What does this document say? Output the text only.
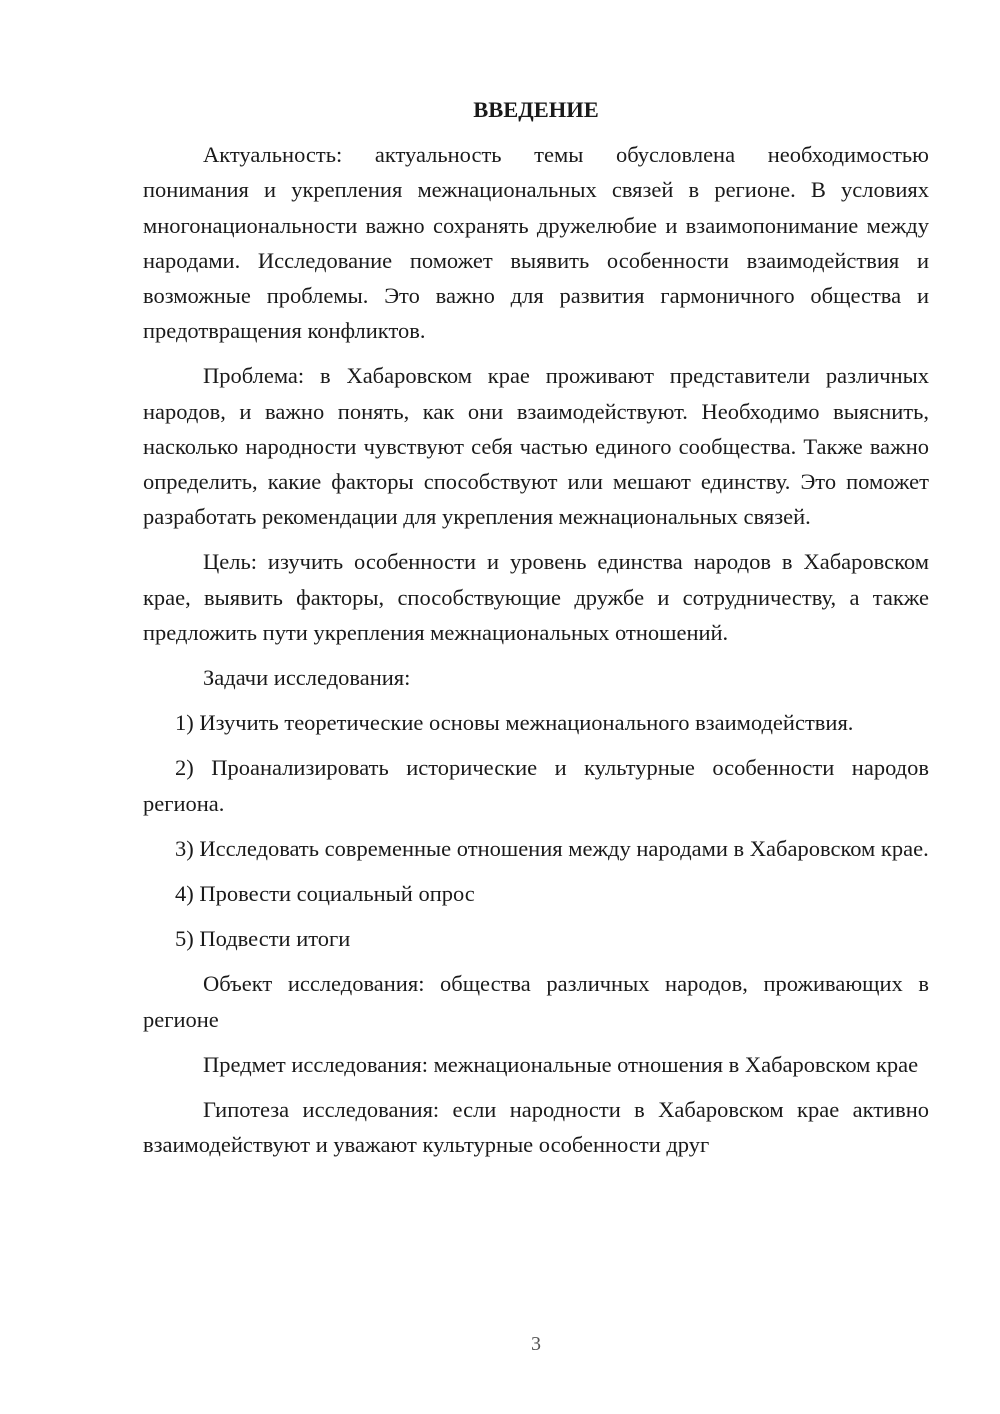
ВВЕДЕНИЕ

Актуальность: актуальность темы обусловлена необходимостью понимания и укрепления межнациональных связей в регионе. В условиях многонациональности важно сохранять дружелюбие и взаимопонимание между народами. Исследование поможет выявить особенности взаимодействия и возможные проблемы. Это важно для развития гармоничного общества и предотвращения конфликтов.

Проблема: в Хабаровском крае проживают представители различных народов, и важно понять, как они взаимодействуют. Необходимо выяснить, насколько народности чувствуют себя частью единого сообщества. Также важно определить, какие факторы способствуют или мешают единству. Это поможет разработать рекомендации для укрепления межнациональных связей.

Цель: изучить особенности и уровень единства народов в Хабаровском крае, выявить факторы, способствующие дружбе и сотрудничеству, а также предложить пути укрепления межнациональных отношений.

Задачи исследования:

1) Изучить теоретические основы межнационального взаимодействия.

2) Проанализировать исторические и культурные особенности народов региона.

3) Исследовать современные отношения между народами в Хабаровском крае.

4) Провести социальный опрос

5) Подвести итоги

Объект исследования: общества различных народов, проживающих в регионе

Предмет исследования: межнациональные отношения в Хабаровском крае

Гипотеза исследования: если народности в Хабаровском крае активно взаимодействуют и уважают культурные особенности друг

3
